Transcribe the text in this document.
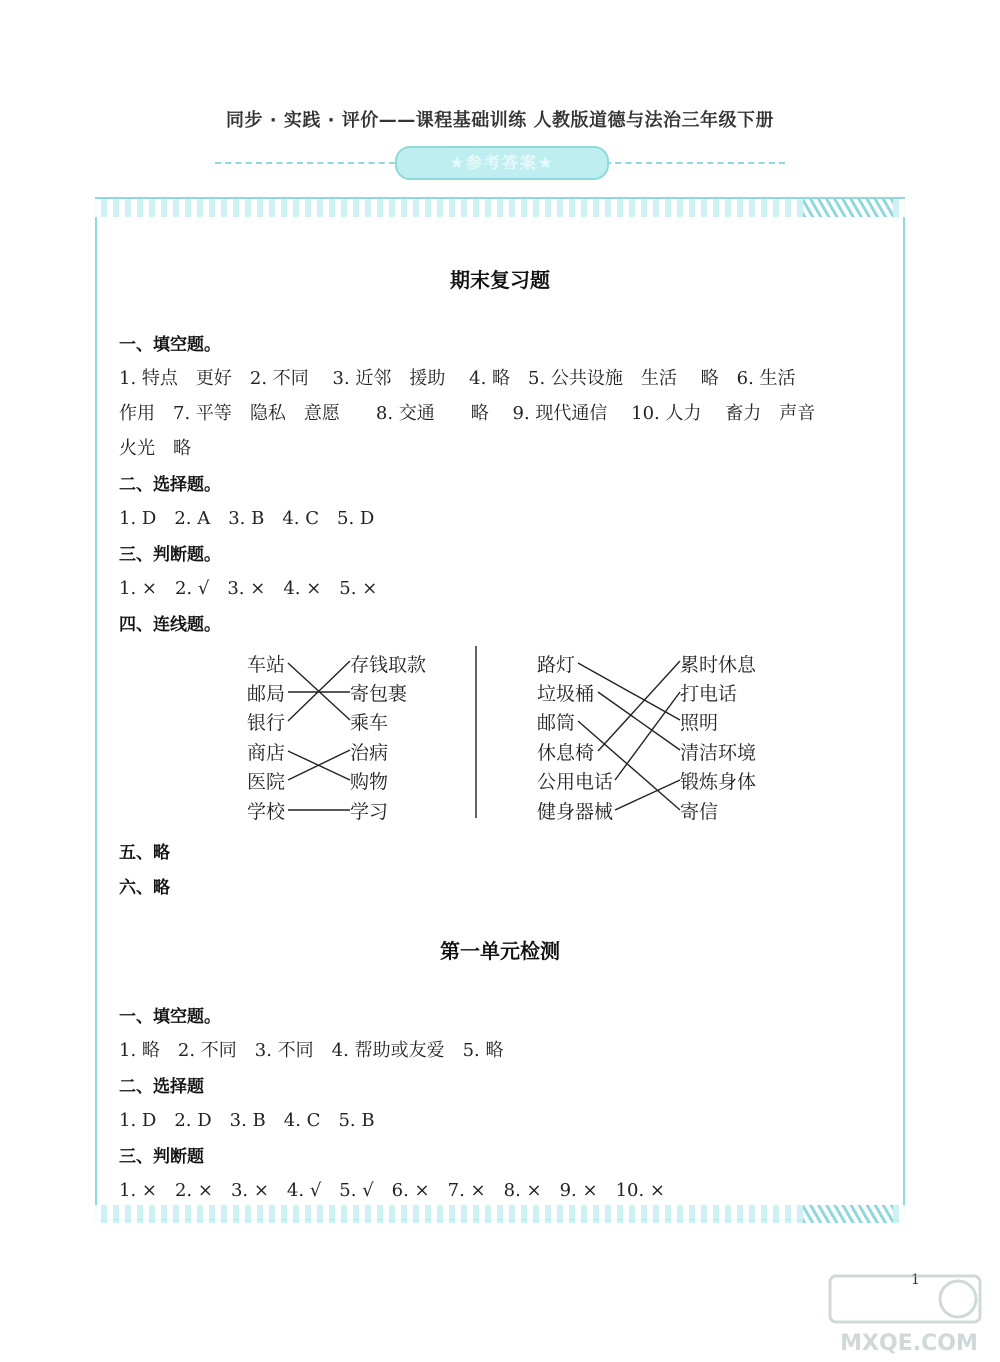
同步 · 实践 · 评价——课程基础训练 人教版道德与法治三年级下册
★参考答案★
期末复习题
一、填空题。
1. 特点　更好　2. 不同　 3. 近邻　援助　 4. 略　5. 公共设施　生活　 略　6. 生活
作用　7. 平等　隐私　意愿　　8. 交通　　略　 9. 现代通信　 10. 人力　 畜力　声音
火光　略
二、选择题。
1. D　2. A　3. B　4. C　5. D
三、判断题。
1. ×　2. √　3. ×　4. ×　5. ×
四、连线题。
车站
邮局
银行
商店
医院
学校
存钱取款
寄包裹
乘车
治病
购物
学习
路灯
垃圾桶
邮筒
休息椅
公用电话
健身器械
累时休息
打电话
照明
清洁环境
锻炼身体
寄信
五、略
六、略
第一单元检测
一、填空题。
1. 略　2. 不同　3. 不同　4. 帮助或友爱　5. 略
二、选择题
1. D　2. D　3. B　4. C　5. B
三、判断题
1. ×　2. ×　3. ×　4. √　5. √　6. ×　7. ×　8. ×　9. ×　10. ×
1
MXQE.COM
